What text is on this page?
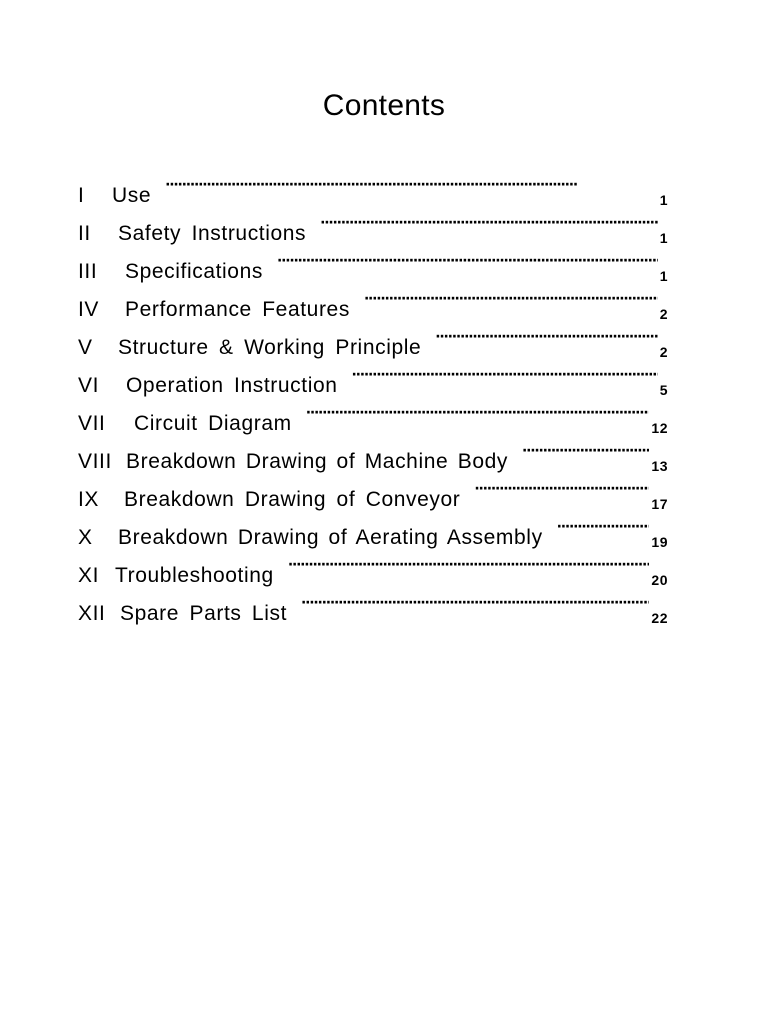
Contents
I	Use ·····	1
II	Safety Instructions ·····	1
III	Specifications ·····	1
IV	Performance Features ·····	2
V	Structure & Working Principle ·····	2
VI	Operation Instruction ·····	5
VII	Circuit Diagram ·····	12
VIII Breakdown Drawing of Machine Body ·····	13
IX	Breakdown Drawing of Conveyor ·····	17
X	Breakdown Drawing of Aerating Assembly ·····	19
XI Troubleshooting ·····	20
XII Spare Parts List ·····	22
